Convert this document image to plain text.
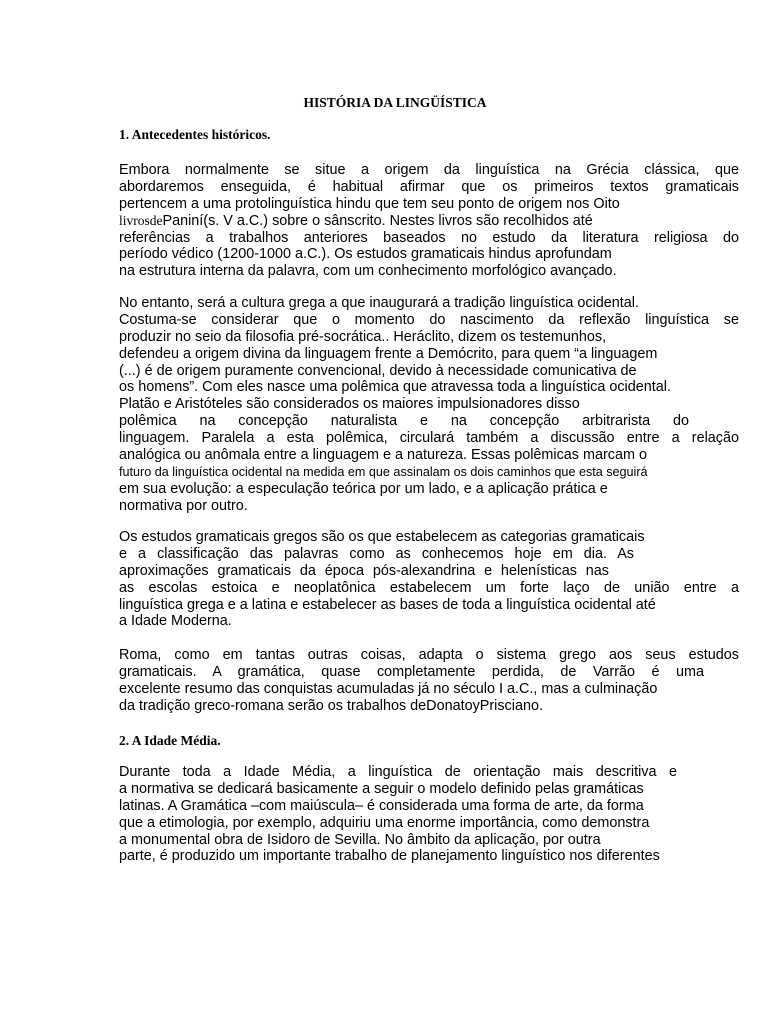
HISTÓRIA DA LINGÜÍSTICA
1. Antecedentes históricos.
Embora normalmente se situe a origem da linguística na Grécia clássica, que
abordaremos enseguida, é habitual afirmar que os primeiros textos gramaticais
pertencem a uma protolinguística hindu que tem seu ponto de origem nos Oito
livrosdePaniní(s. V a.C.) sobre o sânscrito. Nestes livros são recolhidos até
referências a trabalhos anteriores baseados no estudo da literatura religiosa do
período védico (1200-1000 a.C.). Os estudos gramaticais hindus aprofundam
na estrutura interna da palavra, com um conhecimento morfológico avançado.
No entanto, será a cultura grega a que inaugurará a tradição linguística ocidental.
Costuma-se considerar que o momento do nascimento da reflexão linguística se
produzir no seio da filosofia pré-socrática.. Heráclito, dizem os testemunhos,
defendeu a origem divina da linguagem frente a Demócrito, para quem “a linguagem
(...) é de origem puramente convencional, devido à necessidade comunicativa de
os homens”. Com eles nasce uma polêmica que atravessa toda a linguística ocidental.
Platão e Aristóteles são considerados os maiores impulsionadores disso
polêmica na concepção naturalista e na concepção arbitrarista do
linguagem. Paralela a esta polêmica, circulará também a discussão entre a relação
analógica ou anômala entre a linguagem e a natureza. Essas polêmicas marcam o
futuro da linguística ocidental na medida em que assinalam os dois caminhos que esta seguirá
em sua evolução: a especulação teórica por um lado, e a aplicação prática e
normativa por outro.
Os estudos gramaticais gregos são os que estabelecem as categorias gramaticais
e a classificação das palavras como as conhecemos hoje em dia. As
aproximações gramaticais da época pós-alexandrina e helenísticas nas
as escolas estoica e neoplatônica estabelecem um forte laço de união entre a
linguística grega e a latina e estabelecer as bases de toda a linguística ocidental até
a Idade Moderna.
Roma, como em tantas outras coisas, adapta o sistema grego aos seus estudos
gramaticais. A gramática, quase completamente perdida, de Varrão é uma
excelente resumo das conquistas acumuladas já no século I a.C., mas a culminação
da tradição greco-romana serão os trabalhos deDonatoyPrisciano.
2. A Idade Média.
Durante toda a Idade Média, a linguística de orientação mais descritiva e
a normativa se dedicará basicamente a seguir o modelo definido pelas gramáticas
latinas. A Gramática –com maiúscula– é considerada uma forma de arte, da forma
que a etimologia, por exemplo, adquiriu uma enorme importância, como demonstra
a monumental obra de Isidoro de Sevilla. No âmbito da aplicação, por outra
parte, é produzido um importante trabalho de planejamento linguístico nos diferentes
